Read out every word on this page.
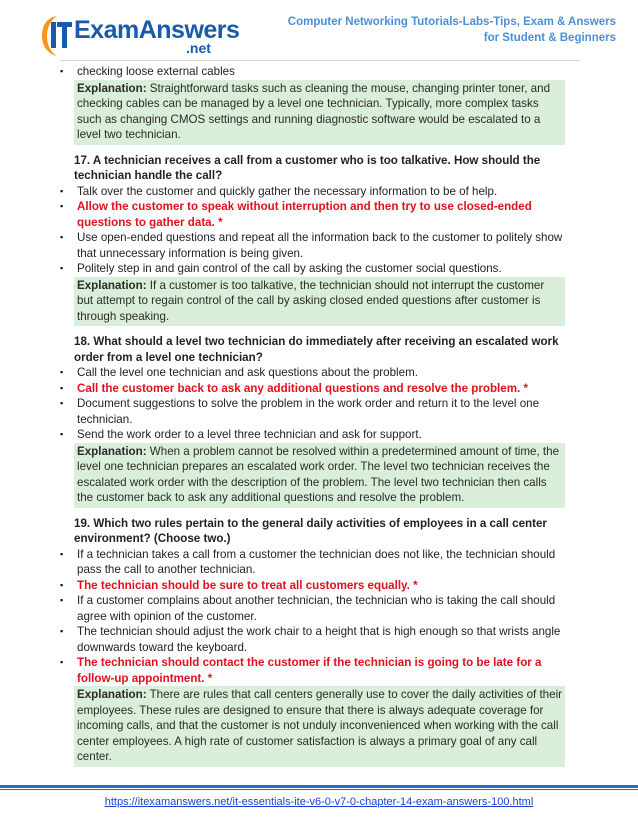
ExamAnswers
.net
Computer Networking Tutorials-Labs-Tips, Exam & Answers
for Student & Beginners
▪	checking loose external cables
Explanation: Straightforward tasks such as cleaning the mouse, changing printer toner, and checking cables can be managed by a level one technician. Typically, more complex tasks such as changing CMOS settings and running diagnostic software would be escalated to a level two technician.
17. A technician receives a call from a customer who is too talkative. How should the technician handle the call?
▪	Talk over the customer and quickly gather the necessary information to be of help.
▪	Allow the customer to speak without interruption and then try to use closed-ended questions to gather data. *
▪	Use open-ended questions and repeat all the information back to the customer to politely show that unnecessary information is being given.
▪	Politely step in and gain control of the call by asking the customer social questions.
Explanation: If a customer is too talkative, the technician should not interrupt the customer but attempt to regain control of the call by asking closed ended questions after customer is through speaking.
18. What should a level two technician do immediately after receiving an escalated work order from a level one technician?
▪	Call the level one technician and ask questions about the problem.
▪	Call the customer back to ask any additional questions and resolve the problem. *
▪	Document suggestions to solve the problem in the work order and return it to the level one technician.
▪	Send the work order to a level three technician and ask for support.
Explanation: When a problem cannot be resolved within a predetermined amount of time, the level one technician prepares an escalated work order. The level two technician receives the escalated work order with the description of the problem. The level two technician then calls the customer back to ask any additional questions and resolve the problem.
19. Which two rules pertain to the general daily activities of employees in a call center environment? (Choose two.)
▪	If a technician takes a call from a customer the technician does not like, the technician should pass the call to another technician.
▪	The technician should be sure to treat all customers equally. *
▪	If a customer complains about another technician, the technician who is taking the call should agree with opinion of the customer.
▪	The technician should adjust the work chair to a height that is high enough so that wrists angle downwards toward the keyboard.
▪	The technician should contact the customer if the technician is going to be late for a follow-up appointment. *
Explanation: There are rules that call centers generally use to cover the daily activities of their employees. These rules are designed to ensure that there is always adequate coverage for incoming calls, and that the customer is not unduly inconvenienced when working with the call center employees. A high rate of customer satisfaction is always a primary goal of any call center.
https://itexamanswers.net/it-essentials-ite-v6-0-v7-0-chapter-14-exam-answers-100.html
